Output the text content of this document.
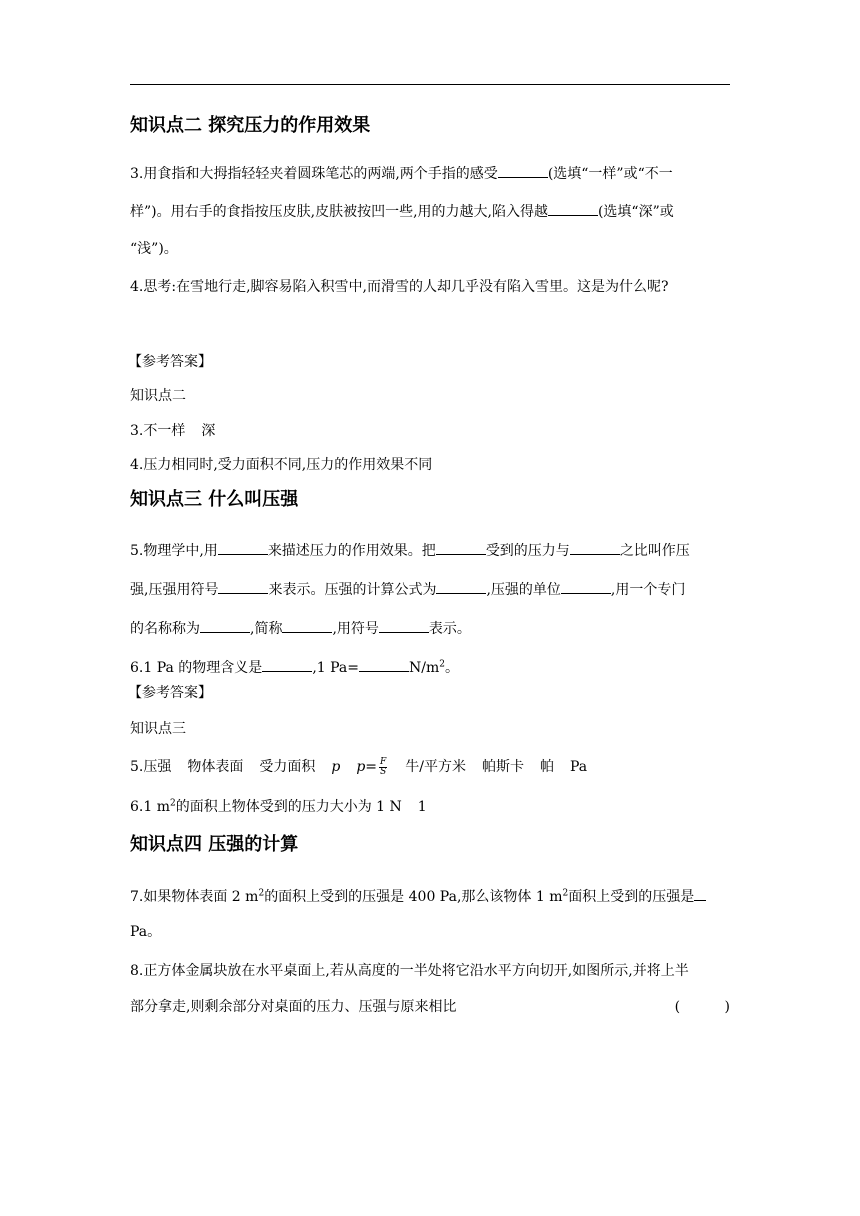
知识点二 探究压力的作用效果
3.用食指和大拇指轻轻夹着圆珠笔芯的两端,两个手指的感受	(选填“一样”或“不一
样”)。用右手的食指按压皮肤,皮肤被按凹一些,用的力越大,陷入得越	(选填“深”或
“浅”)。
4.思考:在雪地行走,脚容易陷入积雪中,而滑雪的人却几乎没有陷入雪里。这是为什么呢?
【参考答案】
知识点二
3.不一样 深
4.压力相同时,受力面积不同,压力的作用效果不同
知识点三 什么叫压强
5.物理学中,用	来描述压力的作用效果。把	受到的压力与	之比叫作压
强,压强用符号	来表示。压强的计算公式为	,压强的单位	,用一个专门
的名称称为	,简称	,用符号	表示。
6.1 Pa 的物理含义是	,1 Pa=	$N/m^2$。
【参考答案】
知识点三
5.压强 物体表面 受力面积 p $p= \frac{F}{S}$ 牛/平方米 帕斯卡 帕 Pa
6.1 $m^2$的面积上物体受到的压力大小为 1 N 1
知识点四 压强的计算
7.如果物体表面 2 $m^2$的面积上受到的压强是 400 Pa,那么该物体 1 $m^2$面积上受到的压强是
Pa。
8.正方体金属块放在水平桌面上,若从高度的一半处将它沿水平方向切开,如图所示,并将上半
部分拿走,则剩余部分对桌面的压力、压强与原来相比	(          )
